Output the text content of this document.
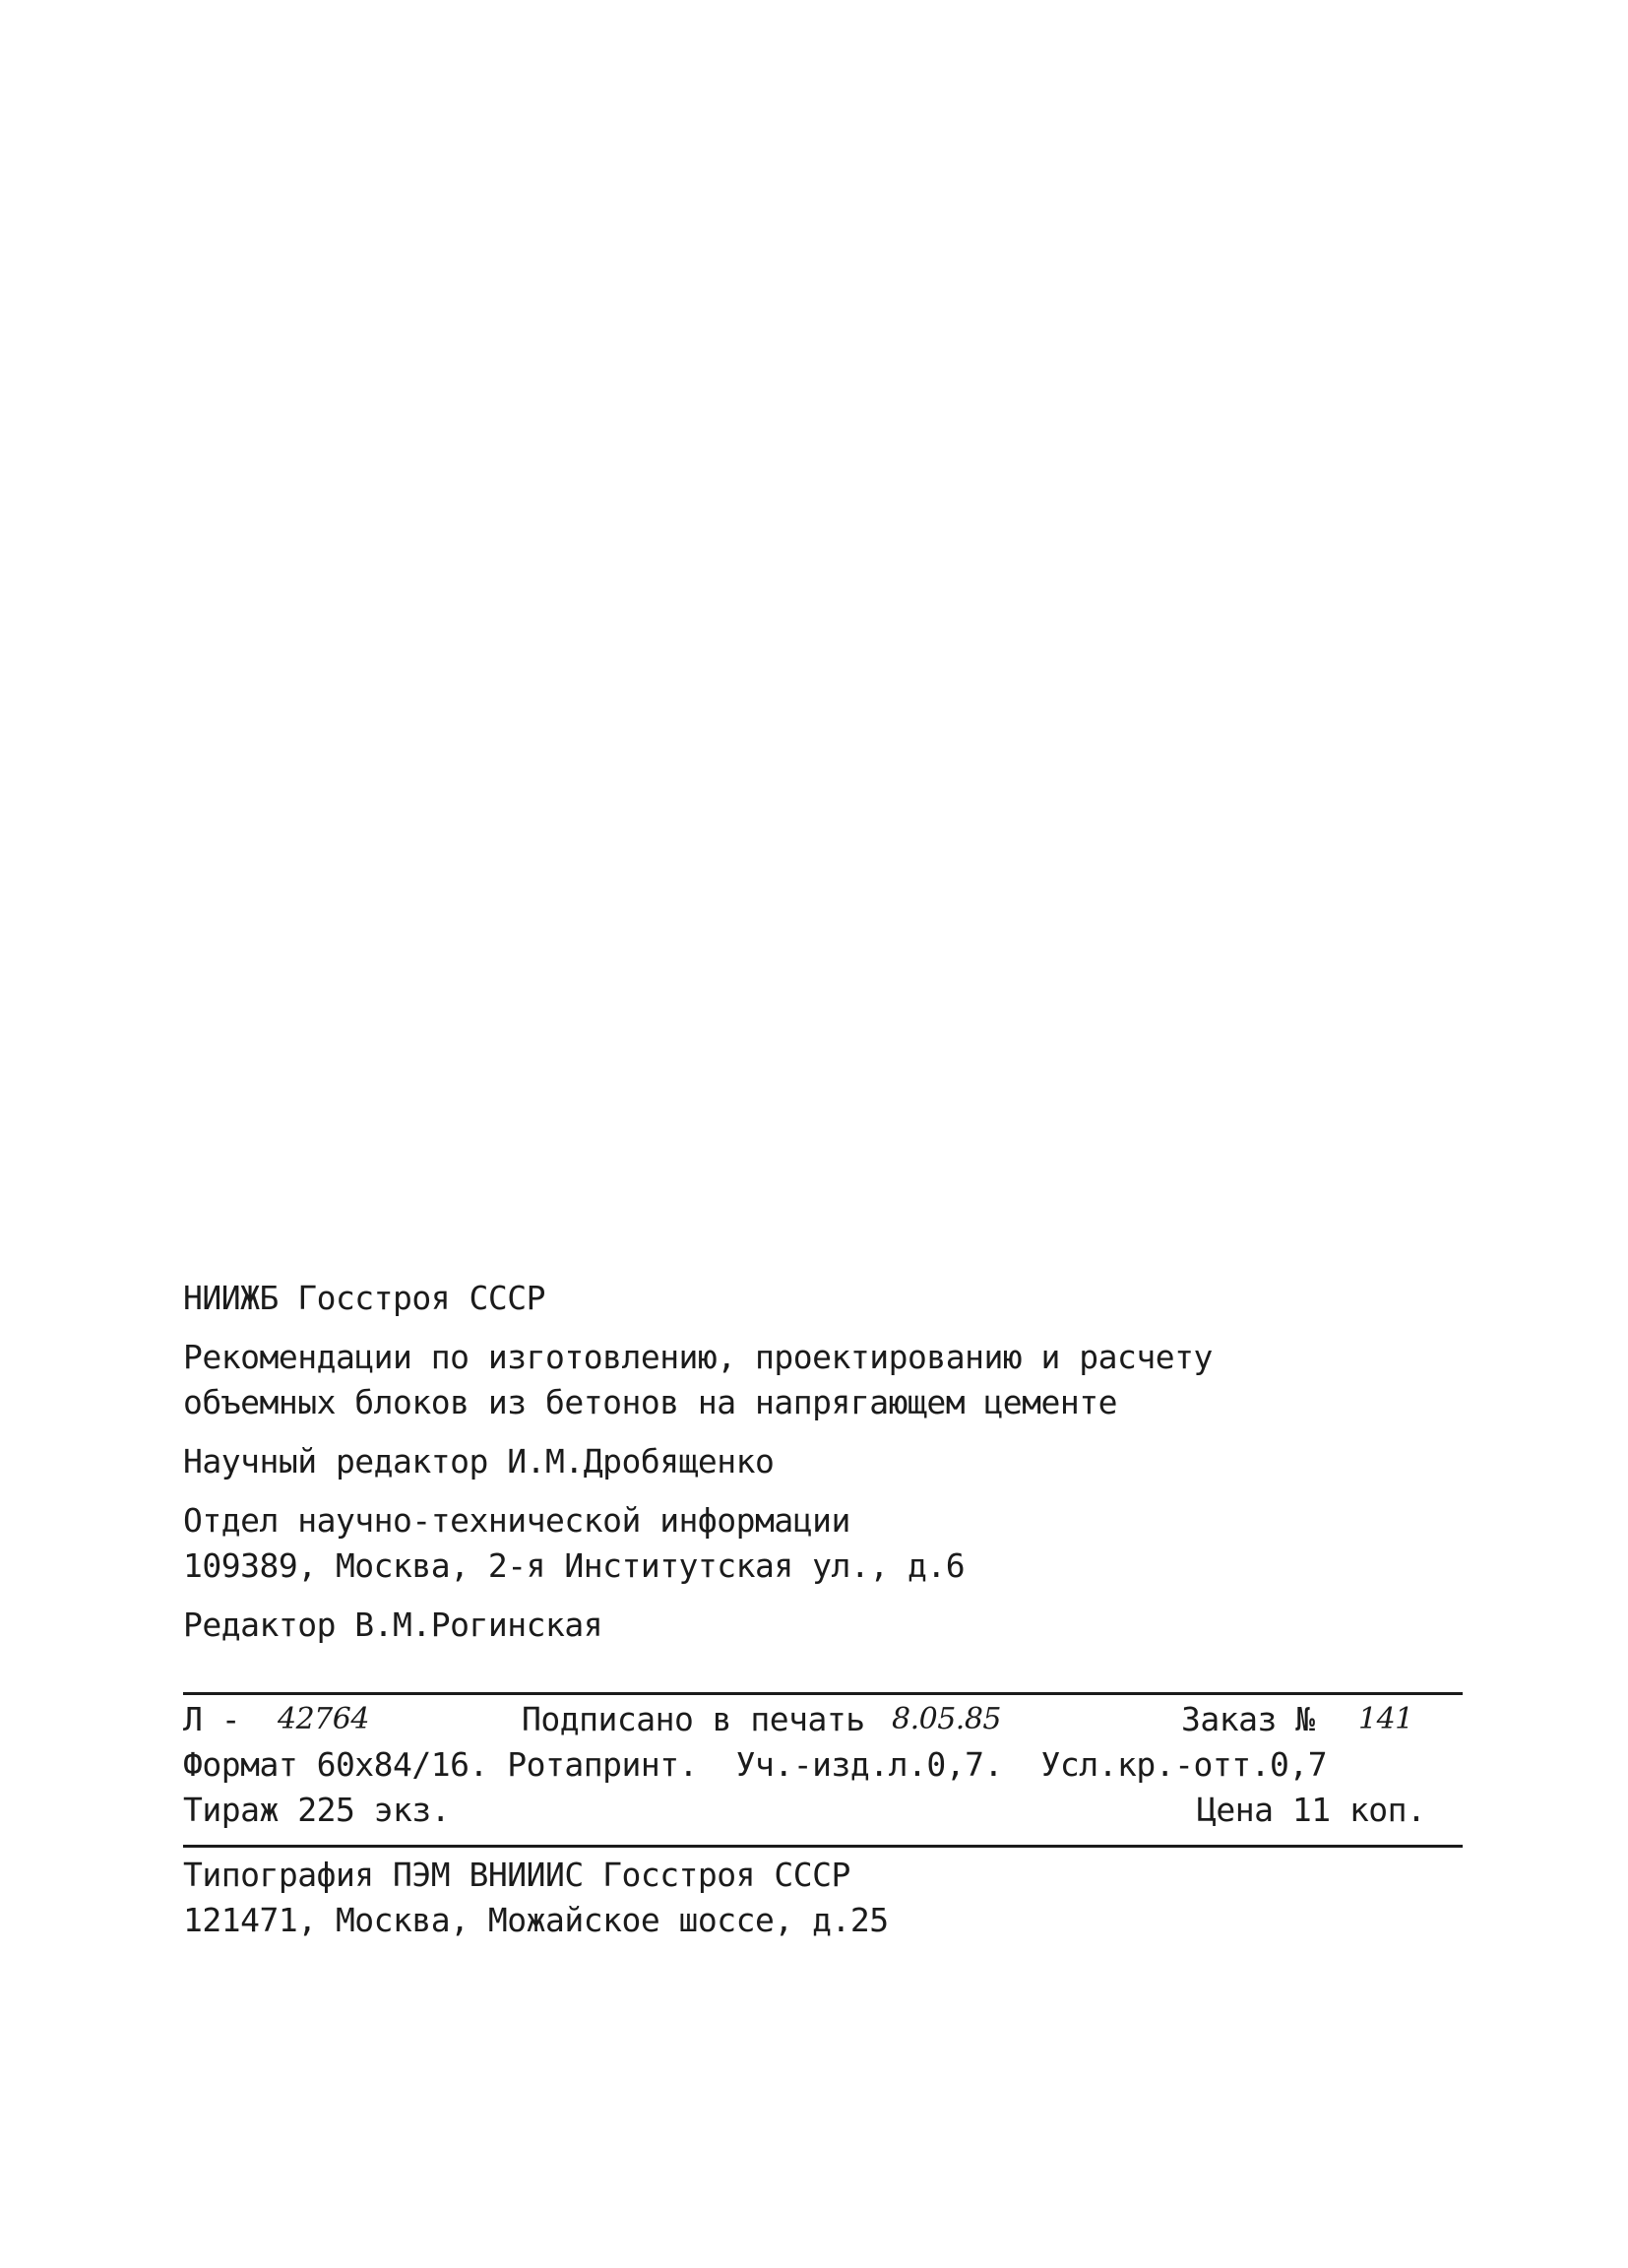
НИИЖБ Госстроя СССР
Рекомендации по изготовлению, проектированию и расчету
объемных блоков из бетонов на напрягающем цементе
Научный редактор И.М.Дробященко
Отдел научно-технической информации
109389, Москва, 2-я Институтская ул., д.6
Редактор В.М.Рогинская
Л - 42764	Подписано в печать 8.05.85	Заказ № 141
Формат 60х84/16. Ротапринт.  Уч.-изд.л.0,7.  Усл.кр.-отт.0,7
Тираж 225 экз.	Цена 11 коп.
Типография ПЭМ ВНИИИС Госстроя СССР
121471, Москва, Можайское шоссе, д.25
